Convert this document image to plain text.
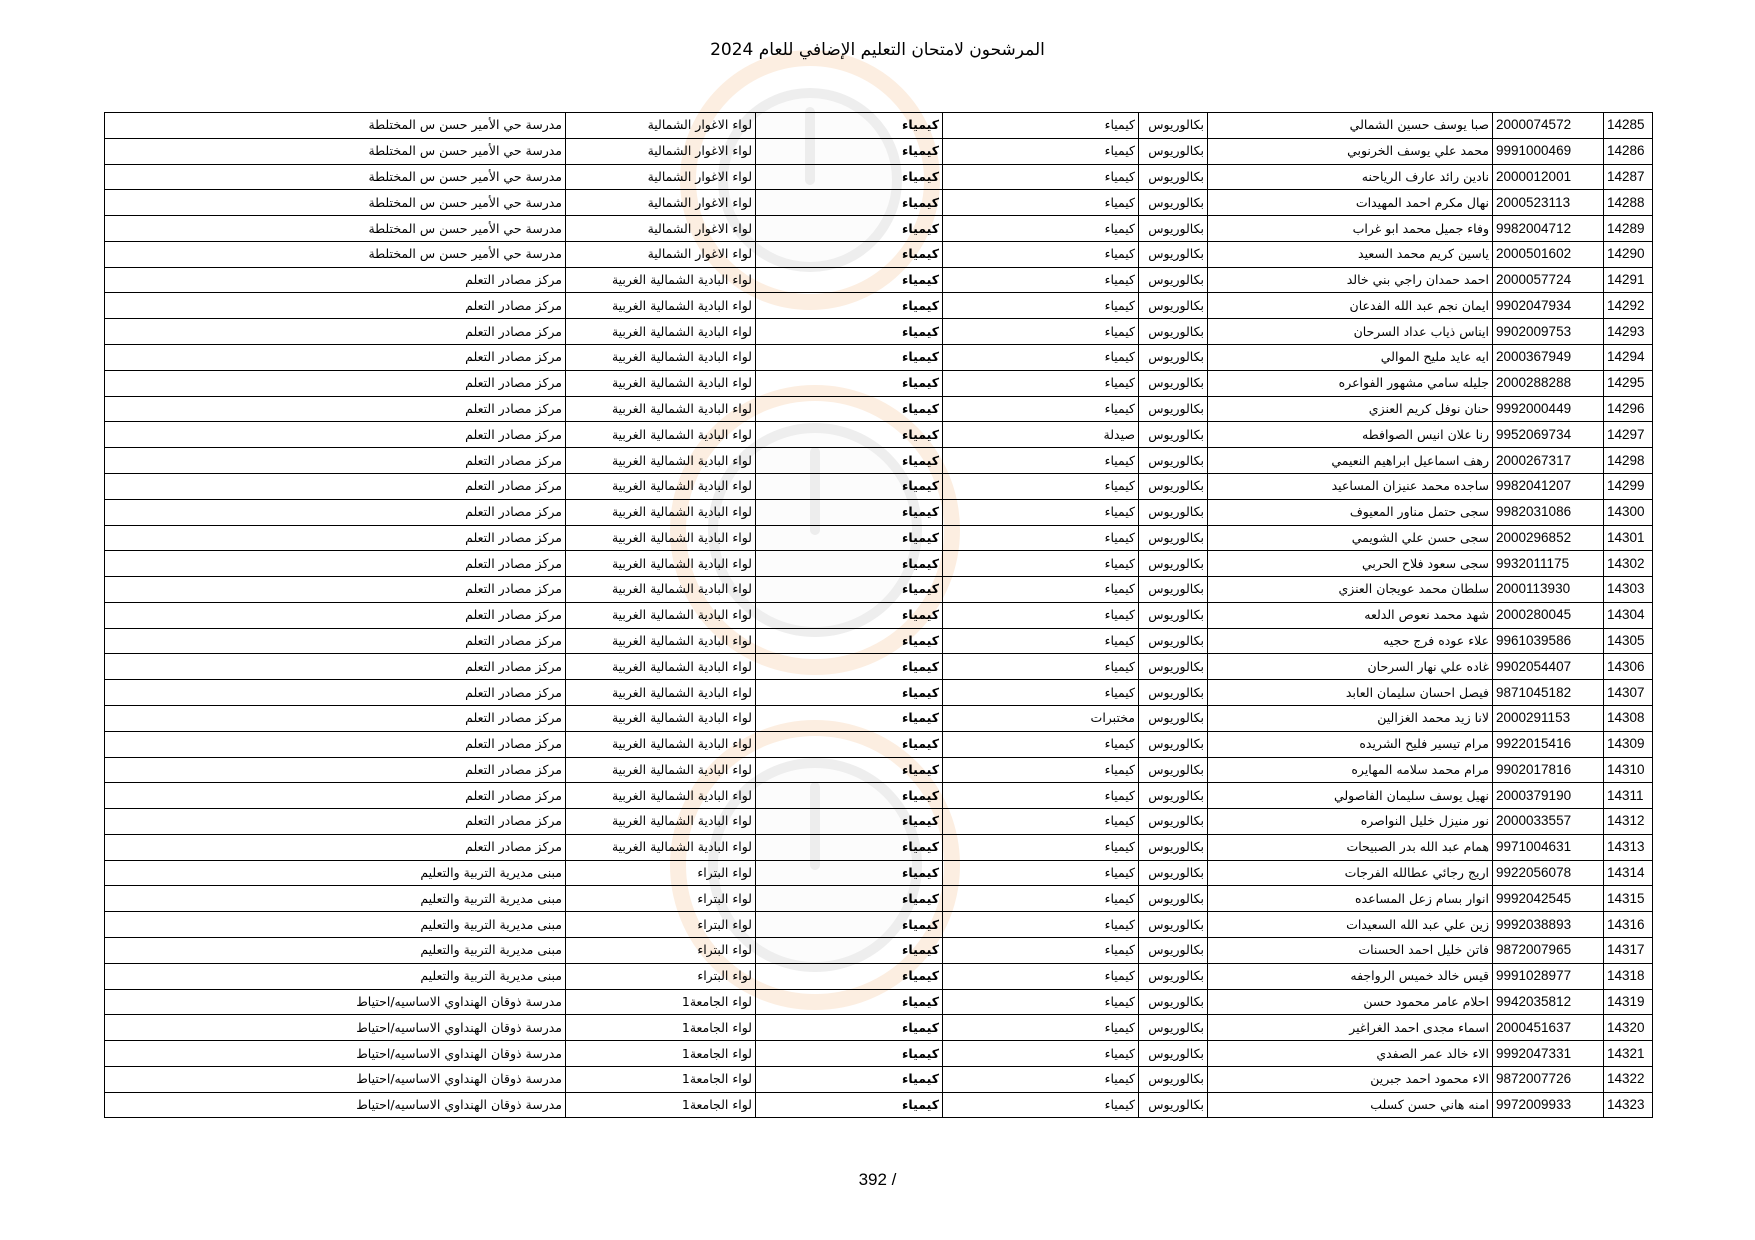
المرشحون لامتحان التعليم الإضافي للعام 2024
14285	2000074572	صبا يوسف حسين الشمالي	بكالوريوس	كيمياء	كيمياء	لواء الاغوار الشمالية	مدرسة حي الأمير حسن س المختلطة
14286	9991000469	محمد علي يوسف الخرنوبي	بكالوريوس	كيمياء	كيمياء	لواء الاغوار الشمالية	مدرسة حي الأمير حسن س المختلطة
14287	2000012001	نادين رائد عارف الرياحنه	بكالوريوس	كيمياء	كيمياء	لواء الاغوار الشمالية	مدرسة حي الأمير حسن س المختلطة
14288	2000523113	نهال مكرم احمد المهيدات	بكالوريوس	كيمياء	كيمياء	لواء الاغوار الشمالية	مدرسة حي الأمير حسن س المختلطة
14289	9982004712	وفاء جميل محمد ابو غراب	بكالوريوس	كيمياء	كيمياء	لواء الاغوار الشمالية	مدرسة حي الأمير حسن س المختلطة
14290	2000501602	ياسين كريم محمد السعيد	بكالوريوس	كيمياء	كيمياء	لواء الاغوار الشمالية	مدرسة حي الأمير حسن س المختلطة
14291	2000057724	احمد حمدان راجي بني خالد	بكالوريوس	كيمياء	كيمياء	لواء البادية الشمالية الغربية	مركز مصادر التعلم
14292	9902047934	ايمان نجم عبد الله الفدعان	بكالوريوس	كيمياء	كيمياء	لواء البادية الشمالية الغربية	مركز مصادر التعلم
14293	9902009753	ايناس ذياب عداد السرحان	بكالوريوس	كيمياء	كيمياء	لواء البادية الشمالية الغربية	مركز مصادر التعلم
14294	2000367949	ايه عايد مليح الموالي	بكالوريوس	كيمياء	كيمياء	لواء البادية الشمالية الغربية	مركز مصادر التعلم
14295	2000288288	جليله سامي مشهور الفواعره	بكالوريوس	كيمياء	كيمياء	لواء البادية الشمالية الغربية	مركز مصادر التعلم
14296	9992000449	حنان نوفل كريم العنزي	بكالوريوس	كيمياء	كيمياء	لواء البادية الشمالية الغربية	مركز مصادر التعلم
14297	9952069734	رنا علان انيس الصوافطه	بكالوريوس	صيدلة	كيمياء	لواء البادية الشمالية الغربية	مركز مصادر التعلم
14298	2000267317	رهف اسماعيل ابراهيم النعيمي	بكالوريوس	كيمياء	كيمياء	لواء البادية الشمالية الغربية	مركز مصادر التعلم
14299	9982041207	ساجده محمد عنيزان المساعيد	بكالوريوس	كيمياء	كيمياء	لواء البادية الشمالية الغربية	مركز مصادر التعلم
14300	9982031086	سجى حتمل مناور المعيوف	بكالوريوس	كيمياء	كيمياء	لواء البادية الشمالية الغربية	مركز مصادر التعلم
14301	2000296852	سجى حسن علي الشويمي	بكالوريوس	كيمياء	كيمياء	لواء البادية الشمالية الغربية	مركز مصادر التعلم
14302	9932011175	سجى سعود فلاح الحربي	بكالوريوس	كيمياء	كيمياء	لواء البادية الشمالية الغربية	مركز مصادر التعلم
14303	2000113930	سلطان محمد عويجان العنزي	بكالوريوس	كيمياء	كيمياء	لواء البادية الشمالية الغربية	مركز مصادر التعلم
14304	2000280045	شهد محمد نعوص الدلعه	بكالوريوس	كيمياء	كيمياء	لواء البادية الشمالية الغربية	مركز مصادر التعلم
14305	9961039586	علاء عوده فرج حجيه	بكالوريوس	كيمياء	كيمياء	لواء البادية الشمالية الغربية	مركز مصادر التعلم
14306	9902054407	غاده علي نهار السرحان	بكالوريوس	كيمياء	كيمياء	لواء البادية الشمالية الغربية	مركز مصادر التعلم
14307	9871045182	فيصل احسان سليمان العابد	بكالوريوس	كيمياء	كيمياء	لواء البادية الشمالية الغربية	مركز مصادر التعلم
14308	2000291153	لانا زيد محمد الغزالين	بكالوريوس	مختبرات	كيمياء	لواء البادية الشمالية الغربية	مركز مصادر التعلم
14309	9922015416	مرام تيسير فليح الشريده	بكالوريوس	كيمياء	كيمياء	لواء البادية الشمالية الغربية	مركز مصادر التعلم
14310	9902017816	مرام محمد سلامه المهايره	بكالوريوس	كيمياء	كيمياء	لواء البادية الشمالية الغربية	مركز مصادر التعلم
14311	2000379190	نهيل يوسف سليمان الفاصولي	بكالوريوس	كيمياء	كيمياء	لواء البادية الشمالية الغربية	مركز مصادر التعلم
14312	2000033557	نور منيزل خليل النواصره	بكالوريوس	كيمياء	كيمياء	لواء البادية الشمالية الغربية	مركز مصادر التعلم
14313	9971004631	همام عبد الله بدر الصبيحات	بكالوريوس	كيمياء	كيمياء	لواء البادية الشمالية الغربية	مركز مصادر التعلم
14314	9922056078	اريج رجائي عطالله الفرجات	بكالوريوس	كيمياء	كيمياء	لواء البتراء	مبنى مديرية التربية والتعليم
14315	9992042545	انوار بسام زعل المساعده	بكالوريوس	كيمياء	كيمياء	لواء البتراء	مبنى مديرية التربية والتعليم
14316	9992038893	زين علي عبد الله السعيدات	بكالوريوس	كيمياء	كيمياء	لواء البتراء	مبنى مديرية التربية والتعليم
14317	9872007965	فاتن خليل احمد الحسنات	بكالوريوس	كيمياء	كيمياء	لواء البتراء	مبنى مديرية التربية والتعليم
14318	9991028977	قيس خالد خميس الرواجفه	بكالوريوس	كيمياء	كيمياء	لواء البتراء	مبنى مديرية التربية والتعليم
14319	9942035812	احلام عامر محمود حسن	بكالوريوس	كيمياء	كيمياء	لواء الجامعة1	مدرسة ذوقان الهنداوي الاساسيه/احتياط
14320	2000451637	اسماء مجدى احمد الغراغير	بكالوريوس	كيمياء	كيمياء	لواء الجامعة1	مدرسة ذوقان الهنداوي الاساسيه/احتياط
14321	9992047331	الاء خالد عمر الصفدي	بكالوريوس	كيمياء	كيمياء	لواء الجامعة1	مدرسة ذوقان الهنداوي الاساسيه/احتياط
14322	9872007726	الاء محمود احمد جبرين	بكالوريوس	كيمياء	كيمياء	لواء الجامعة1	مدرسة ذوقان الهنداوي الاساسيه/احتياط
14323	9972009933	امنه هاني حسن كسلب	بكالوريوس	كيمياء	كيمياء	لواء الجامعة1	مدرسة ذوقان الهنداوي الاساسيه/احتياط
392 /
